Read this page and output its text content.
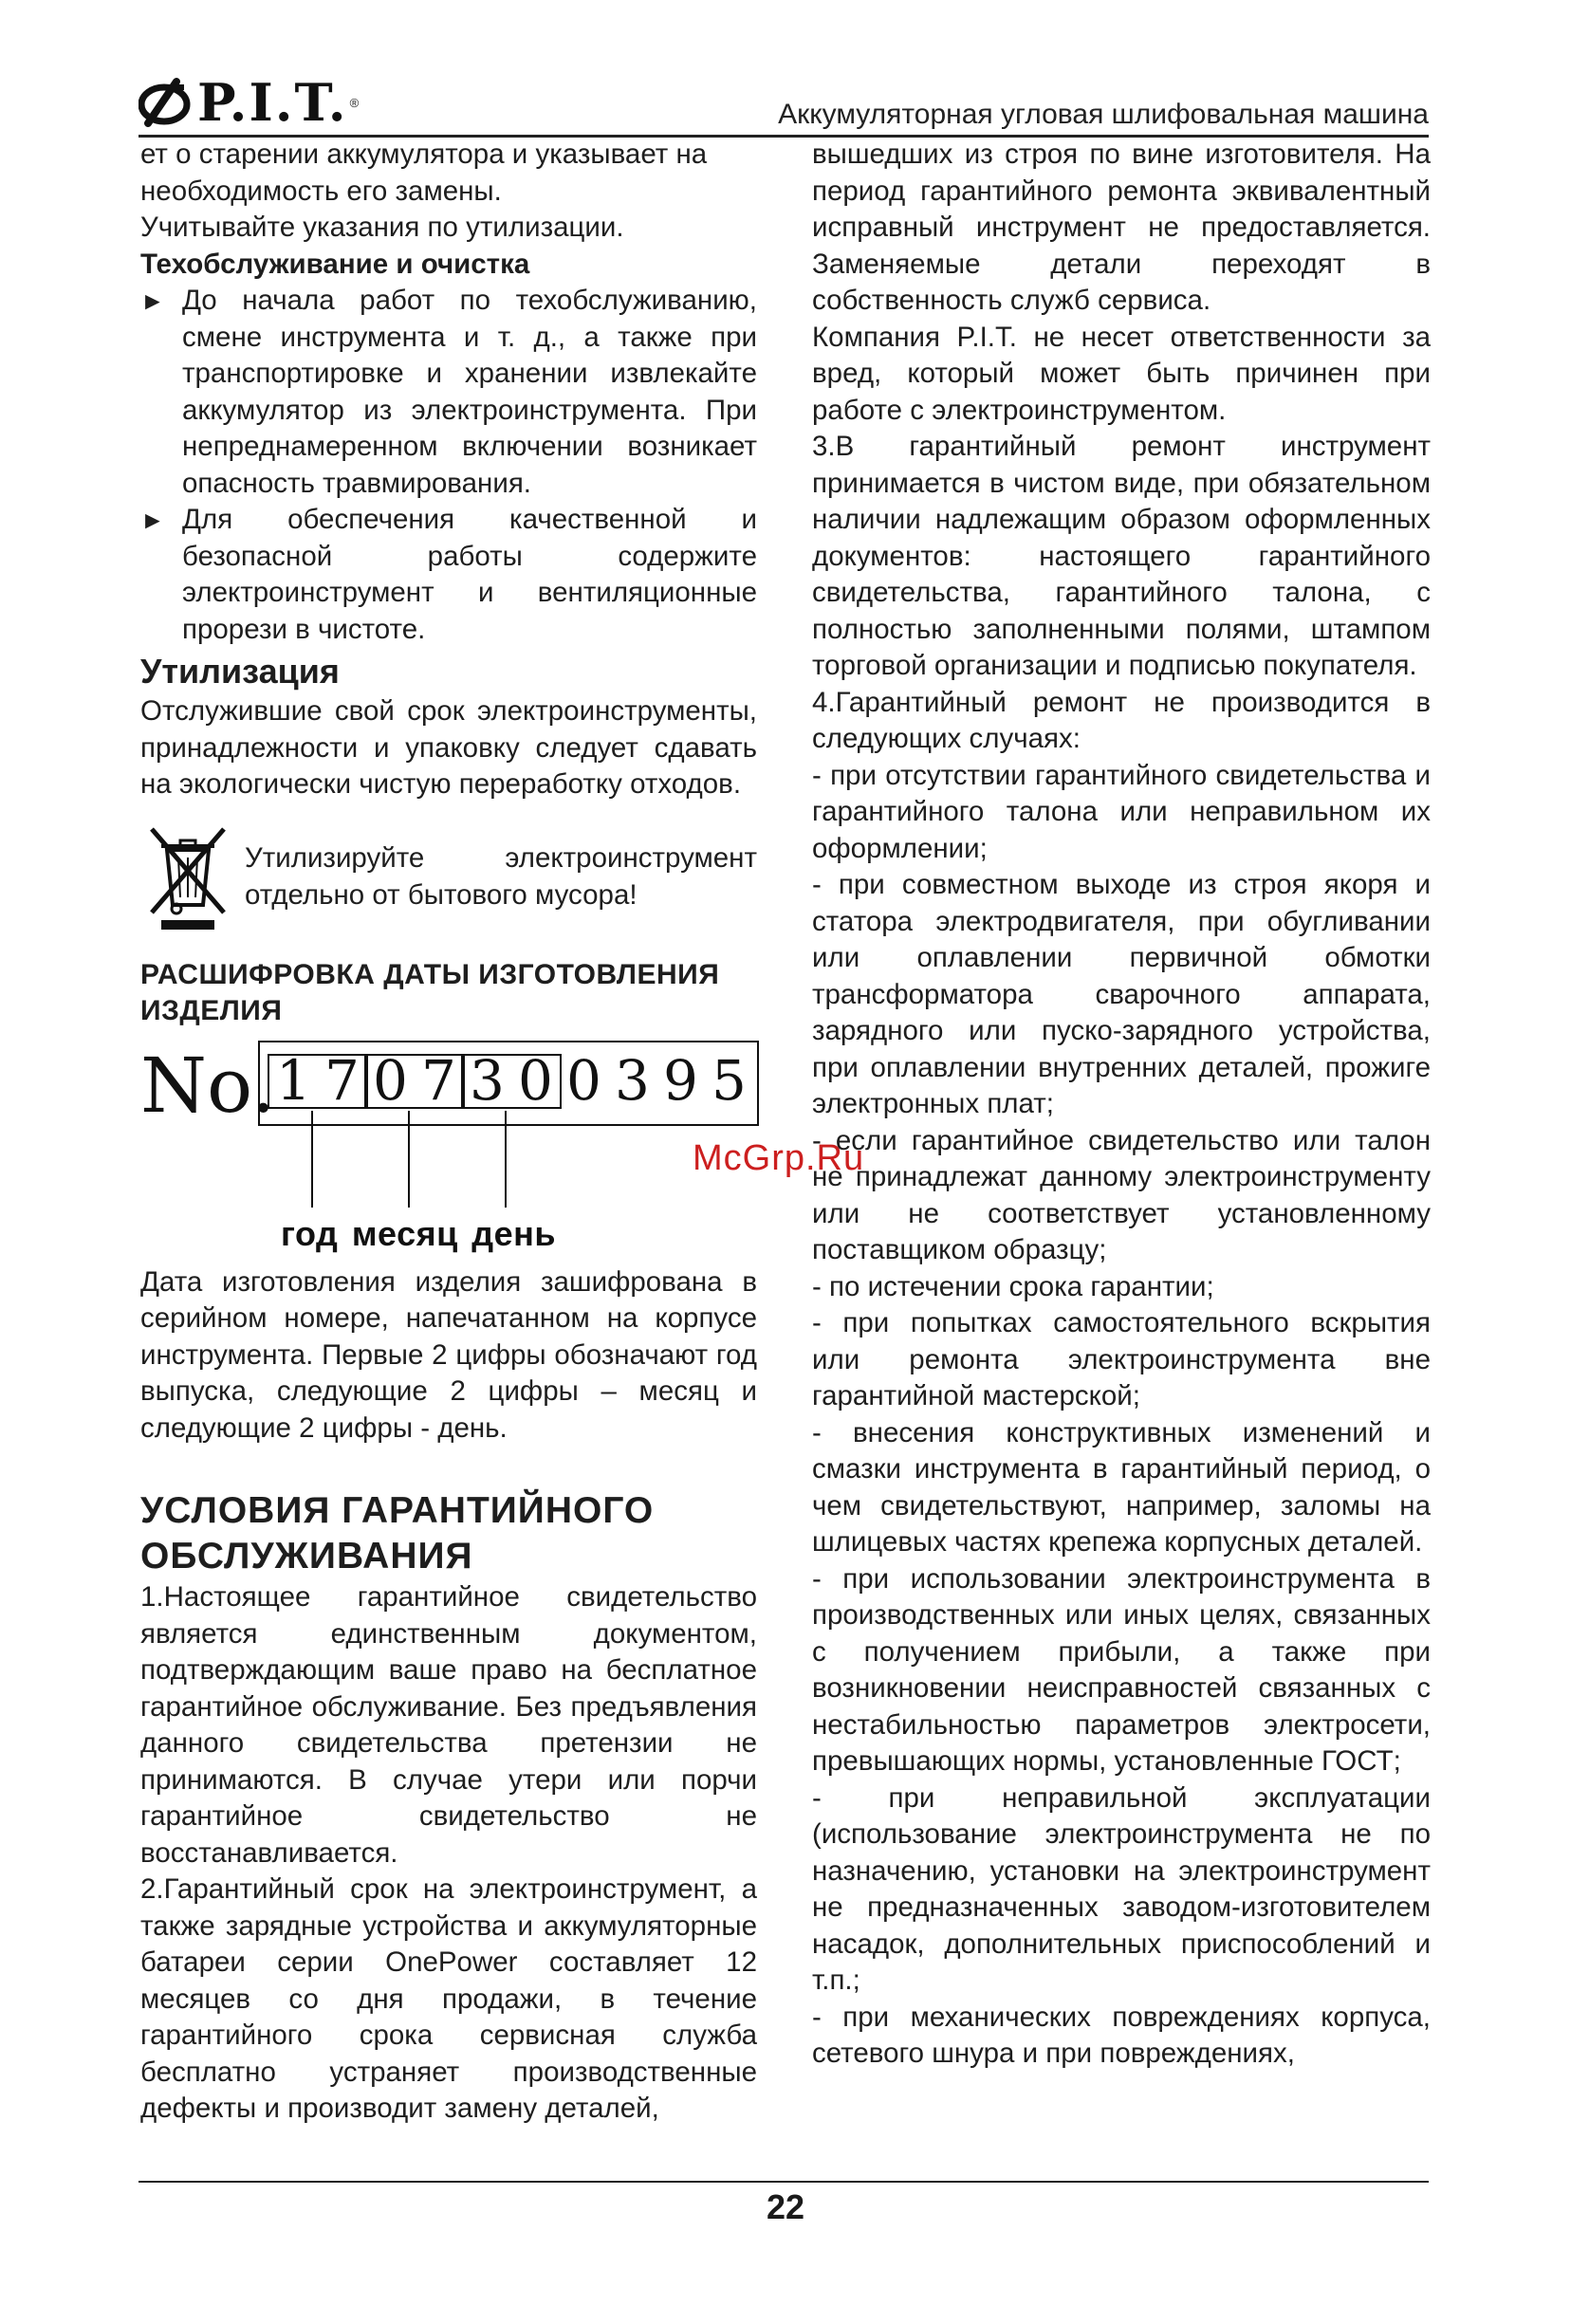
P.I.T. ®	Аккумуляторная угловая шлифовальная машина

ет о старении аккумулятора и указывает на необходимость его замены.

Учитывайте указания по утилизации.

Техобслуживание и очистка
► До начала работ по техобслуживанию, смене инструмента и т. д., а также при транспортировке и хранении извлекайте аккумулятор из электроинструмента. При непреднамеренном включении возникает опасность травмирования.
► Для обеспечения качественной и безопасной работы содержите электроинструмент и вентиляционные прорези в чистоте.
Утилизация

Отслужившие свой срок электроинструменты, принадлежности и упаковку следует сдавать на экологически чистую переработку отходов.

Утилизируйте электроинструмент отдельно от бытового мусора!
РАСШИФРОВКА ДАТЫ ИЗГОТОВЛЕНИЯ ИЗДЕЛИЯ
No. 1 7 0 7 3 0 0 3 9 5
год месяц день

Дата изготовления изделия зашифрована в серийном номере, напечатанном на корпусе инструмента. Первые 2 цифры обозначают год выпуска, следующие 2 цифры – месяц и следующие 2 цифры - день.

УСЛОВИЯ ГАРАНТИЙНОГО ОБСЛУЖИВАНИЯ

1.Настоящее гарантийное свидетельство является единственным документом, подтверждающим ваше право на бесплатное гарантийное обслуживание. Без предъявления данного свидетельства претензии не принимаются. В случае утери или порчи гарантийное свидетельство не восстанавливается.

2.Гарантийный срок на электроинструмент, а также зарядные устройства и аккумуляторные батареи серии OnePower составляет 12 месяцев со дня продажи, в течение гарантийного срока сервисная служба бесплатно устраняет производственные дефекты и производит замену деталей,

вышедших из строя по вине изготовителя. На период гарантийного ремонта эквивалентный исправный инструмент не предоставляется. Заменяемые детали переходят в собственность служб сервиса.

Компания P.I.T. не несет ответственности за вред, который может быть причинен при работе с электроинструментом.

3.В гарантийный ремонт инструмент принимается в чистом виде, при обязательном наличии надлежащим образом оформленных документов: настоящего гарантийного свидетельства, гарантийного талона, с полностью заполненными полями, штампом торговой организации и подписью покупателя.

4.Гарантийный ремонт не производится в следующих случаях:

- при отсутствии гарантийного свидетельства и гарантийного талона или неправильном их оформлении;

- при совместном выходе из строя якоря и статора электродвигателя, при обугливании или оплавлении первичной обмотки трансформатора сварочного аппарата, зарядного или пуско-зарядного устройства, при оплавлении внутренних деталей, прожиге электронных плат;

- если гарантийное свидетельство или талон не принадлежат данному электроинструменту или не соответствует установленному поставщиком образцу;

- по истечении срока гарантии;

- при попытках самостоятельного вскрытия или ремонта электроинструмента вне гарантийной мастерской;

- внесения конструктивных изменений и смазки инструмента в гарантийный период, о чем свидетельствуют, например, заломы на шлицевых частях крепежа корпусных деталей.

- при использовании электроинструмента в производственных или иных целях, связанных с получением прибыли, а также при возникновении неисправностей связанных с нестабильностью параметров электросети, превышающих нормы, установленные ГОСТ;

- при неправильной эксплуатации (использование электроинструмента не по назначению, установки на электроинструмент не предназначенных заводом-изготовителем насадок, дополнительных приспособлений и т.п.;

- при механических повреждениях корпуса, сетевого шнура и при повреждениях,

McGrp.Ru
22
